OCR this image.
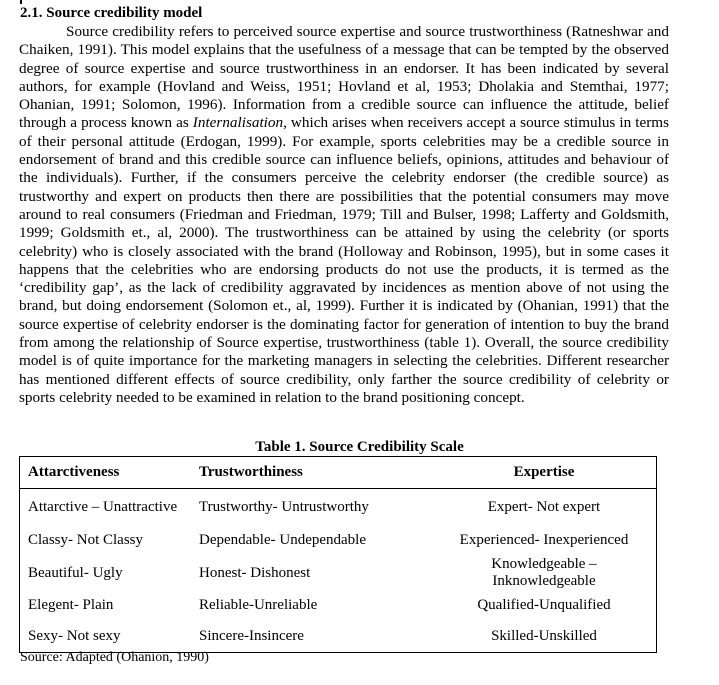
2.1. Source credibility model

Source credibility refers to perceived source expertise and source trustworthiness (Ratneshwar and Chaiken, 1991). This model explains that the usefulness of a message that can be tempted by the observed degree of source expertise and source trustworthiness in an endorser. It has been indicated by several authors, for example (Hovland and Weiss, 1951; Hovland et al, 1953; Dholakia and Stemthai, 1977; Ohanian, 1991; Solomon, 1996). Information from a credible source can influence the attitude, belief through a process known as Internalisation, which arises when receivers accept a source stimulus in terms of their personal attitude (Erdogan, 1999). For example, sports celebrities may be a credible source in endorsement of brand and this credible source can influence beliefs, opinions, attitudes and behaviour of the individuals). Further, if the consumers perceive the celebrity endorser (the credible source) as trustworthy and expert on products then there are possibilities that the potential consumers may move around to real consumers (Friedman and Friedman, 1979; Till and Bulser, 1998; Lafferty and Goldsmith, 1999; Goldsmith et., al, 2000). The trustworthiness can be attained by using the celebrity (or sports celebrity) who is closely associated with the brand (Holloway and Robinson, 1995), but in some cases it happens that the celebrities who are endorsing products do not use the products, it is termed as the ‘credibility gap’, as the lack of credibility aggravated by incidences as mention above of not using the brand, but doing endorsement (Solomon et., al, 1999). Further it is indicated by (Ohanian, 1991) that the source expertise of celebrity endorser is the dominating factor for generation of intention to buy the brand from among the relationship of Source expertise, trustworthiness (table 1). Overall, the source credibility model is of quite importance for the marketing managers in selecting the celebrities. Different researcher has mentioned different effects of source credibility, only farther the source credibility of celebrity or sports celebrity needed to be examined in relation to the brand positioning concept.

Table 1. Source Credibility Scale

Attarctiveness	Trustworthiness	Expertise
Attarctive – Unattractive	Trustworthy- Untrustworthy	Expert- Not expert
Classy- Not Classy	Dependable- Undependable	Experienced- Inexperienced
Beautiful- Ugly	Honest- Dishonest	Knowledgeable – Inknowledgeable
Elegent- Plain	Reliable-Unreliable	Qualified-Unqualified
Sexy- Not sexy	Sincere-Insincere	Skilled-Unskilled

Source: Adapted (Ohanion, 1990)
